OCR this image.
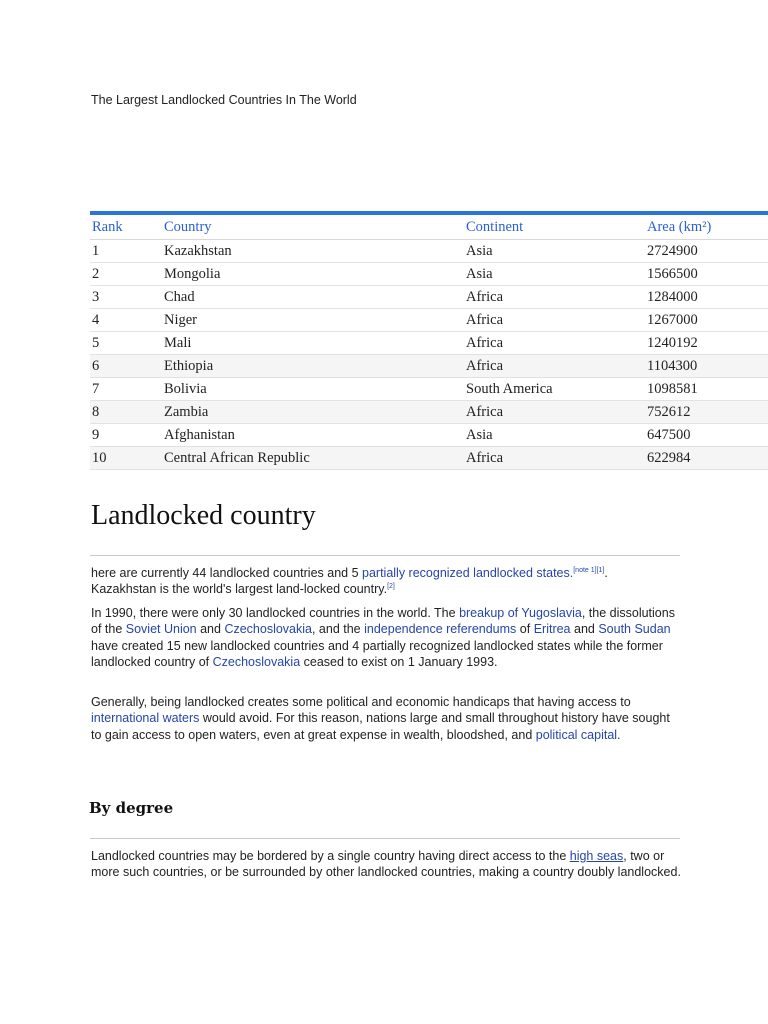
The Largest Landlocked Countries In The World
Rank	Country	Continent	Area (km²)
1	Kazakhstan	Asia	2724900
2	Mongolia	Asia	1566500
3	Chad	Africa	1284000
4	Niger	Africa	1267000
5	Mali	Africa	1240192
6	Ethiopia	Africa	1104300
7	Bolivia	South America	1098581
8	Zambia	Africa	752612
9	Afghanistan	Asia	647500
10	Central African Republic	Africa	622984
Landlocked country

here are currently 44 landlocked countries and 5 partially recognized landlocked states.[note 1][1].
Kazakhstan is the world's largest land-locked country.[2]

In 1990, there were only 30 landlocked countries in the world. The breakup of Yugoslavia, the dissolutions of the Soviet Union and Czechoslovakia, and the independence referendums of Eritrea and South Sudan have created 15 new landlocked countries and 4 partially recognized landlocked states while the former landlocked country of Czechoslovakia ceased to exist on 1 January 1993.

Generally, being landlocked creates some political and economic handicaps that having access to international waters would avoid. For this reason, nations large and small throughout history have sought to gain access to open waters, even at great expense in wealth, bloodshed, and political capital.

By degree

Landlocked countries may be bordered by a single country having direct access to the high seas, two or more such countries, or be surrounded by other landlocked countries, making a country doubly landlocked.
